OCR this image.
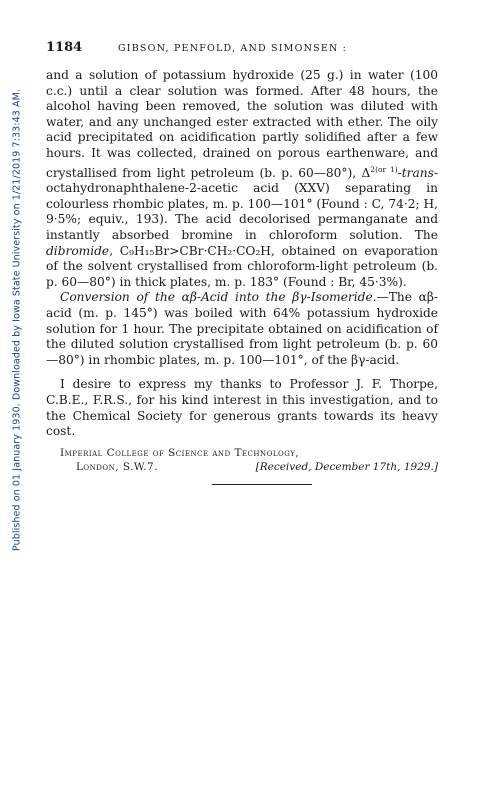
Published on 01 January 1930. Downloaded by Iowa State University on 1/21/2019 7:33:43 AM.
1184	GIBSON, PENFOLD, AND SIMONSEN :

and a solution of potassium hydroxide (25 g.) in water (100 c.c.) until a clear solution was formed. After 48 hours, the alcohol having been removed, the solution was diluted with water, and any unchanged ester extracted with ether. The oily acid precipitated on acidification partly solidified after a few hours. It was collected, drained on porous earthenware, and crystallised from light petroleum (b. p. 60—80°), $\Delta^{2(or 1)}-trans-octahydronaphthalene-2$-acetic acid (XXV) separating in colourless rhombic plates, m. p. 100—101° (Found : C, 74·2; H, 9·5%; equiv., 193). The acid decolorised permanganate and instantly absorbed bromine in chloroform solution. The dibromide, C₉H₁₅Br>CBr·CH₂·CO₂H, obtained on evaporation of the solvent crystallised from chloroform-light petroleum (b. p. 60—80°) in thick plates, m. p. 183° (Found : Br, 45·3%).

Conversion of the αβ-Acid into the βγ-Isomeride.—The αβ-acid (m. p. 145°) was boiled with 64% potassium hydroxide solution for 1 hour. The precipitate obtained on acidification of the diluted solution crystallised from light petroleum (b. p. 60—80°) in rhombic plates, m. p. 100—101°, of the βγ-acid.

I desire to express my thanks to Professor J. F. Thorpe, C.B.E., F.R.S., for his kind interest in this investigation, and to the Chemical Society for generous grants towards its heavy cost.

Imperial College of Science and Technology,
London, S.W.7.	[Received, December 17th, 1929.]
